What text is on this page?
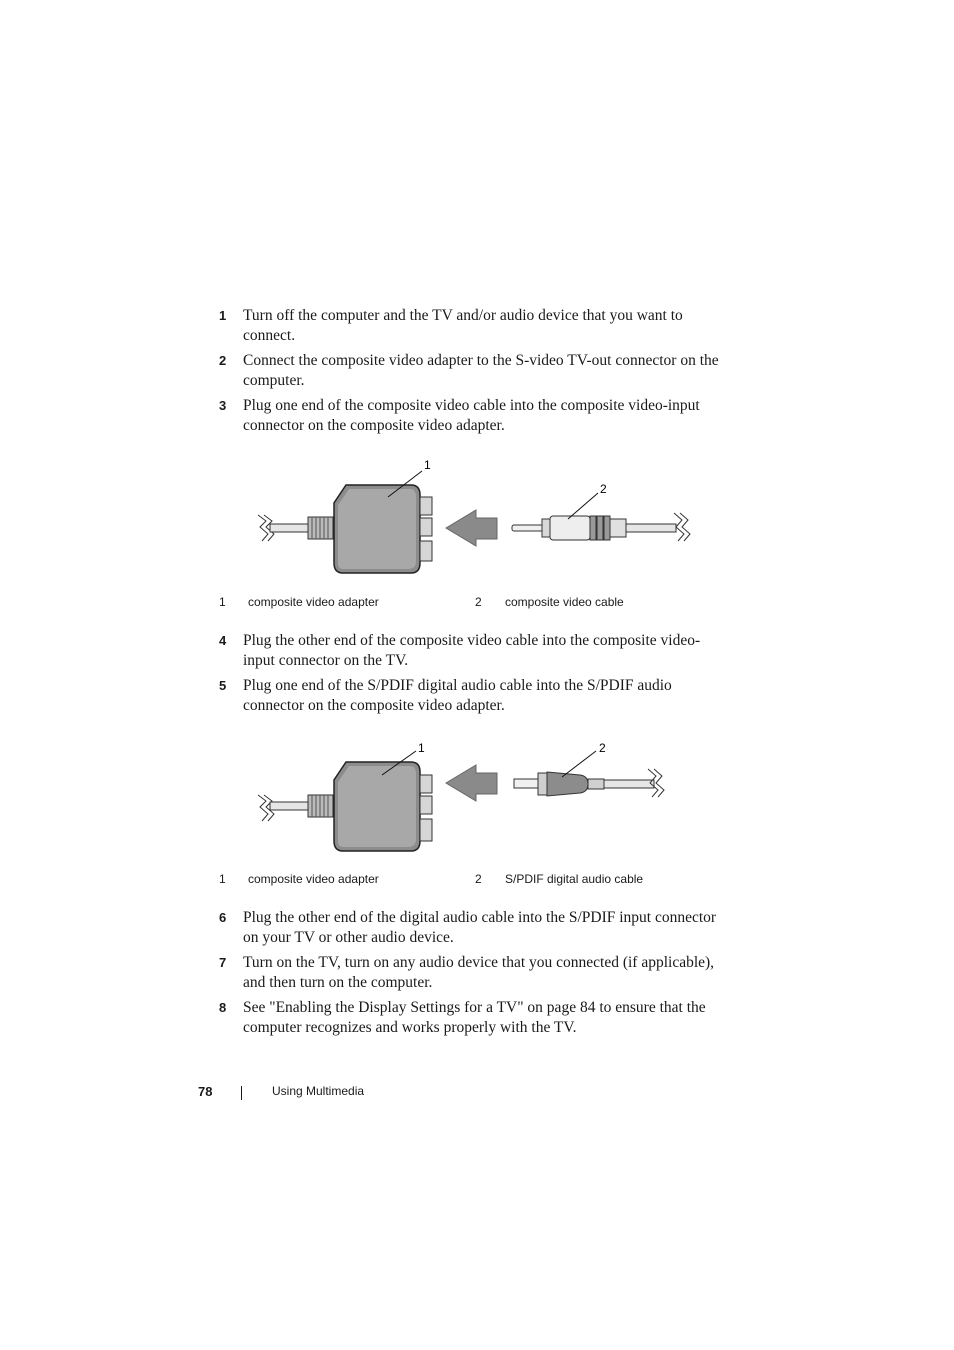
1 Turn off the computer and the TV and/or audio device that you want to connect.
2 Connect the composite video adapter to the S-video TV-out connector on the computer.
3 Plug one end of the composite video cable into the composite video-input connector on the composite video adapter.
1
2
1 composite video adapter	2 composite video cable
4 Plug the other end of the composite video cable into the composite video-input connector on the TV.
5 Plug one end of the S/PDIF digital audio cable into the S/PDIF audio connector on the composite video adapter.
1	2
1 composite video adapter	2 S/PDIF digital audio cable
6 Plug the other end of the digital audio cable into the S/PDIF input connector on your TV or other audio device.
7 Turn on the TV, turn on any audio device that you connected (if applicable), and then turn on the computer.
8 See "Enabling the Display Settings for a TV" on page 84 to ensure that the computer recognizes and works properly with the TV.
78	Using Multimedia
